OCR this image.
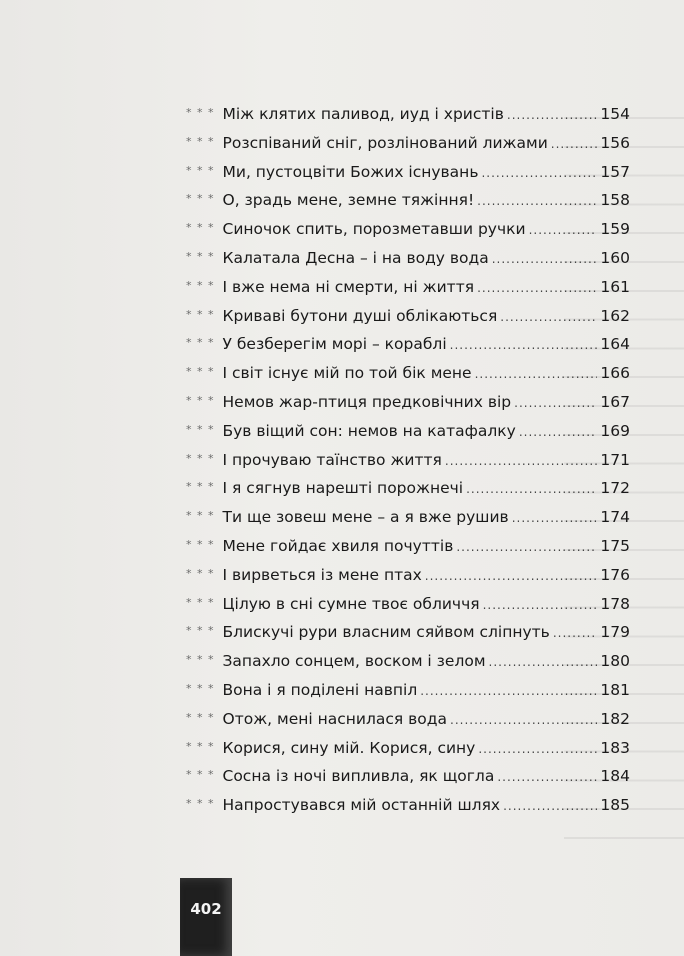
* * * Між клятих паливод, иуд і христів .....	154
* * * Розспіваний сніг, розлінований лижами .....	156
* * * Ми, пустоцвіти Божих існувань .....	157
* * * О, зрадь мене, земне тяжіння! .....	158
* * * Синочок спить, порозметавши ручки .....	159
* * * Калатала Десна – і на воду вода .....	160
* * * І вже нема ні смерти, ні життя .....	161
* * * Криваві бутони душі облікаються .....	162
* * * У безберегім морі – кораблі .....	164
* * * І світ існує мій по той бік мене .....	166
* * * Немов жар-птиця предковічних вір .....	167
* * * Був віщий сон: немов на катафалку .....	169
* * * І прочуваю таїнство життя .....	171
* * * І я сягнув нарешті порожнечі .....	172
* * * Ти ще зовеш мене – а я вже рушив .....	174
* * * Мене гойдає хвиля почуттів .....	175
* * * І вирветься із мене птах .....	176
* * * Цілую в сні сумне твоє обличчя .....	178
* * * Блискучі рури власним сяйвом сліпнуть .....	179
* * * Запахло сонцем, воском і зелом .....	180
* * * Вона і я поділені навпіл .....	181
* * * Отож, мені наснилася вода .....	182
* * * Корися, сину мій. Корися, сину .....	183
* * * Сосна із ночі випливла, як щогла .....	184
* * * Напростувався мій останній шлях .....	185
402
